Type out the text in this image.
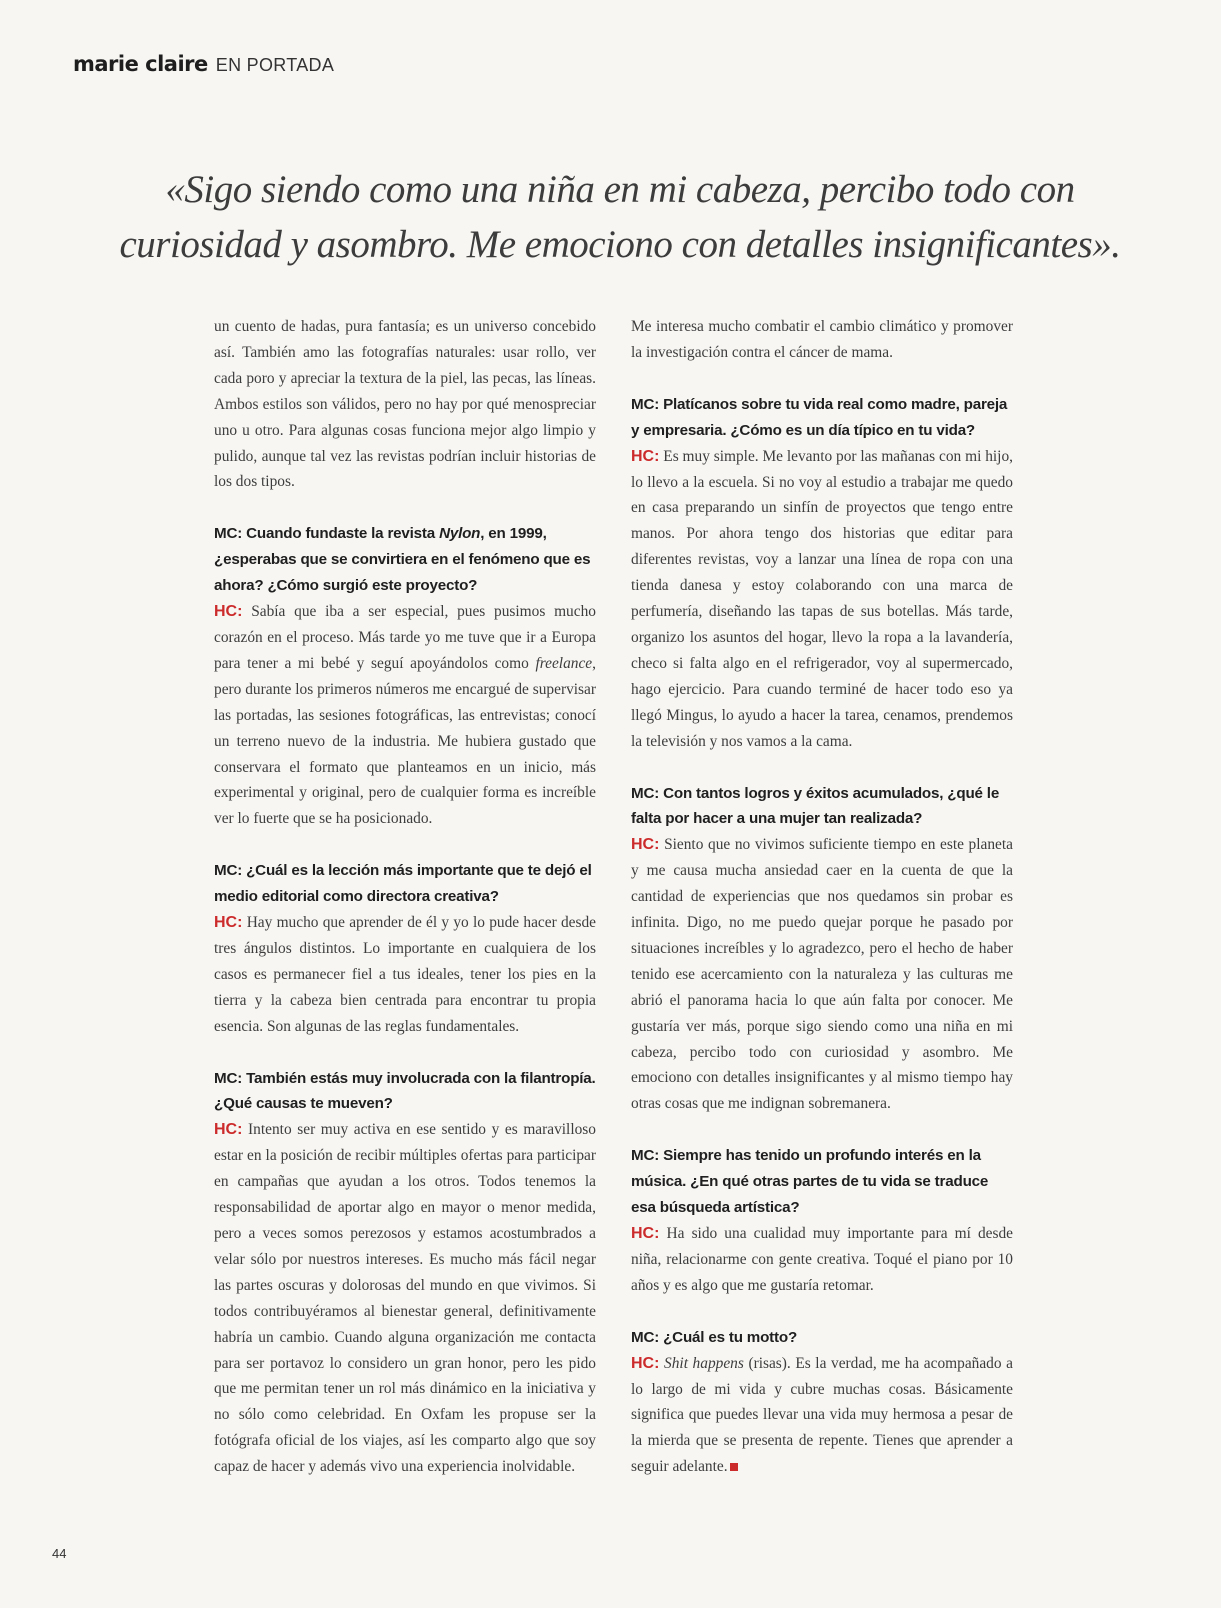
marie claire EN PORTADA
«Sigo siendo como una niña en mi cabeza, percibo todo con curiosidad y asombro. Me emociono con detalles insignificantes».

un cuento de hadas, pura fantasía; es un universo concebido así. También amo las fotografías naturales: usar rollo, ver cada poro y apreciar la textura de la piel, las pecas, las líneas. Ambos estilos son válidos, pero no hay por qué menospreciar uno u otro. Para algunas cosas funciona mejor algo limpio y pulido, aunque tal vez las revistas podrían incluir historias de los dos tipos.

MC: Cuando fundaste la revista Nylon, en 1999, ¿esperabas que se convirtiera en el fenómeno que es ahora? ¿Cómo surgió este proyecto?

HC: Sabía que iba a ser especial, pues pusimos mucho corazón en el proceso. Más tarde yo me tuve que ir a Europa para tener a mi bebé y seguí apoyándolos como freelance, pero durante los primeros números me encargué de supervisar las portadas, las sesiones fotográficas, las entrevistas; conocí un terreno nuevo de la industria. Me hubiera gustado que conservara el formato que planteamos en un inicio, más experimental y original, pero de cualquier forma es increíble ver lo fuerte que se ha posicionado.

MC: ¿Cuál es la lección más importante que te dejó el medio editorial como directora creativa?

HC: Hay mucho que aprender de él y yo lo pude hacer desde tres ángulos distintos. Lo importante en cualquiera de los casos es permanecer fiel a tus ideales, tener los pies en la tierra y la cabeza bien centrada para encontrar tu propia esencia. Son algunas de las reglas fundamentales.

MC: También estás muy involucrada con la filantropía. ¿Qué causas te mueven?

HC: Intento ser muy activa en ese sentido y es maravilloso estar en la posición de recibir múltiples ofertas para participar en campañas que ayudan a los otros. Todos tenemos la responsabilidad de aportar algo en mayor o menor medida, pero a veces somos perezosos y estamos acostumbrados a velar sólo por nuestros intereses. Es mucho más fácil negar las partes oscuras y dolorosas del mundo en que vivimos. Si todos contribuyéramos al bienestar general, definitivamente habría un cambio. Cuando alguna organización me contacta para ser portavoz lo considero un gran honor, pero les pido que me permitan tener un rol más dinámico en la iniciativa y no sólo como celebridad. En Oxfam les propuse ser la fotógrafa oficial de los viajes, así les comparto algo que soy capaz de hacer y además vivo una experiencia inolvidable.

Me interesa mucho combatir el cambio climático y promover la investigación contra el cáncer de mama.

MC: Platícanos sobre tu vida real como madre, pareja y empresaria. ¿Cómo es un día típico en tu vida?

HC: Es muy simple. Me levanto por las mañanas con mi hijo, lo llevo a la escuela. Si no voy al estudio a trabajar me quedo en casa preparando un sinfín de proyectos que tengo entre manos. Por ahora tengo dos historias que editar para diferentes revistas, voy a lanzar una línea de ropa con una tienda danesa y estoy colaborando con una marca de perfumería, diseñando las tapas de sus botellas. Más tarde, organizo los asuntos del hogar, llevo la ropa a la lavandería, checo si falta algo en el refrigerador, voy al supermercado, hago ejercicio. Para cuando terminé de hacer todo eso ya llegó Mingus, lo ayudo a hacer la tarea, cenamos, prendemos la televisión y nos vamos a la cama.

MC: Con tantos logros y éxitos acumulados, ¿qué le falta por hacer a una mujer tan realizada?

HC: Siento que no vivimos suficiente tiempo en este planeta y me causa mucha ansiedad caer en la cuenta de que la cantidad de experiencias que nos quedamos sin probar es infinita. Digo, no me puedo quejar porque he pasado por situaciones increíbles y lo agradezco, pero el hecho de haber tenido ese acercamiento con la naturaleza y las culturas me abrió el panorama hacia lo que aún falta por conocer. Me gustaría ver más, porque sigo siendo como una niña en mi cabeza, percibo todo con curiosidad y asombro. Me emociono con detalles insignificantes y al mismo tiempo hay otras cosas que me indignan sobremanera.

MC: Siempre has tenido un profundo interés en la música. ¿En qué otras partes de tu vida se traduce esa búsqueda artística?

HC: Ha sido una cualidad muy importante para mí desde niña, relacionarme con gente creativa. Toqué el piano por 10 años y es algo que me gustaría retomar.

MC: ¿Cuál es tu motto?

HC: Shit happens (risas). Es la verdad, me ha acompañado a lo largo de mi vida y cubre muchas cosas. Básicamente significa que puedes llevar una vida muy hermosa a pesar de la mierda que se presenta de repente. Tienes que aprender a seguir adelante.

44
